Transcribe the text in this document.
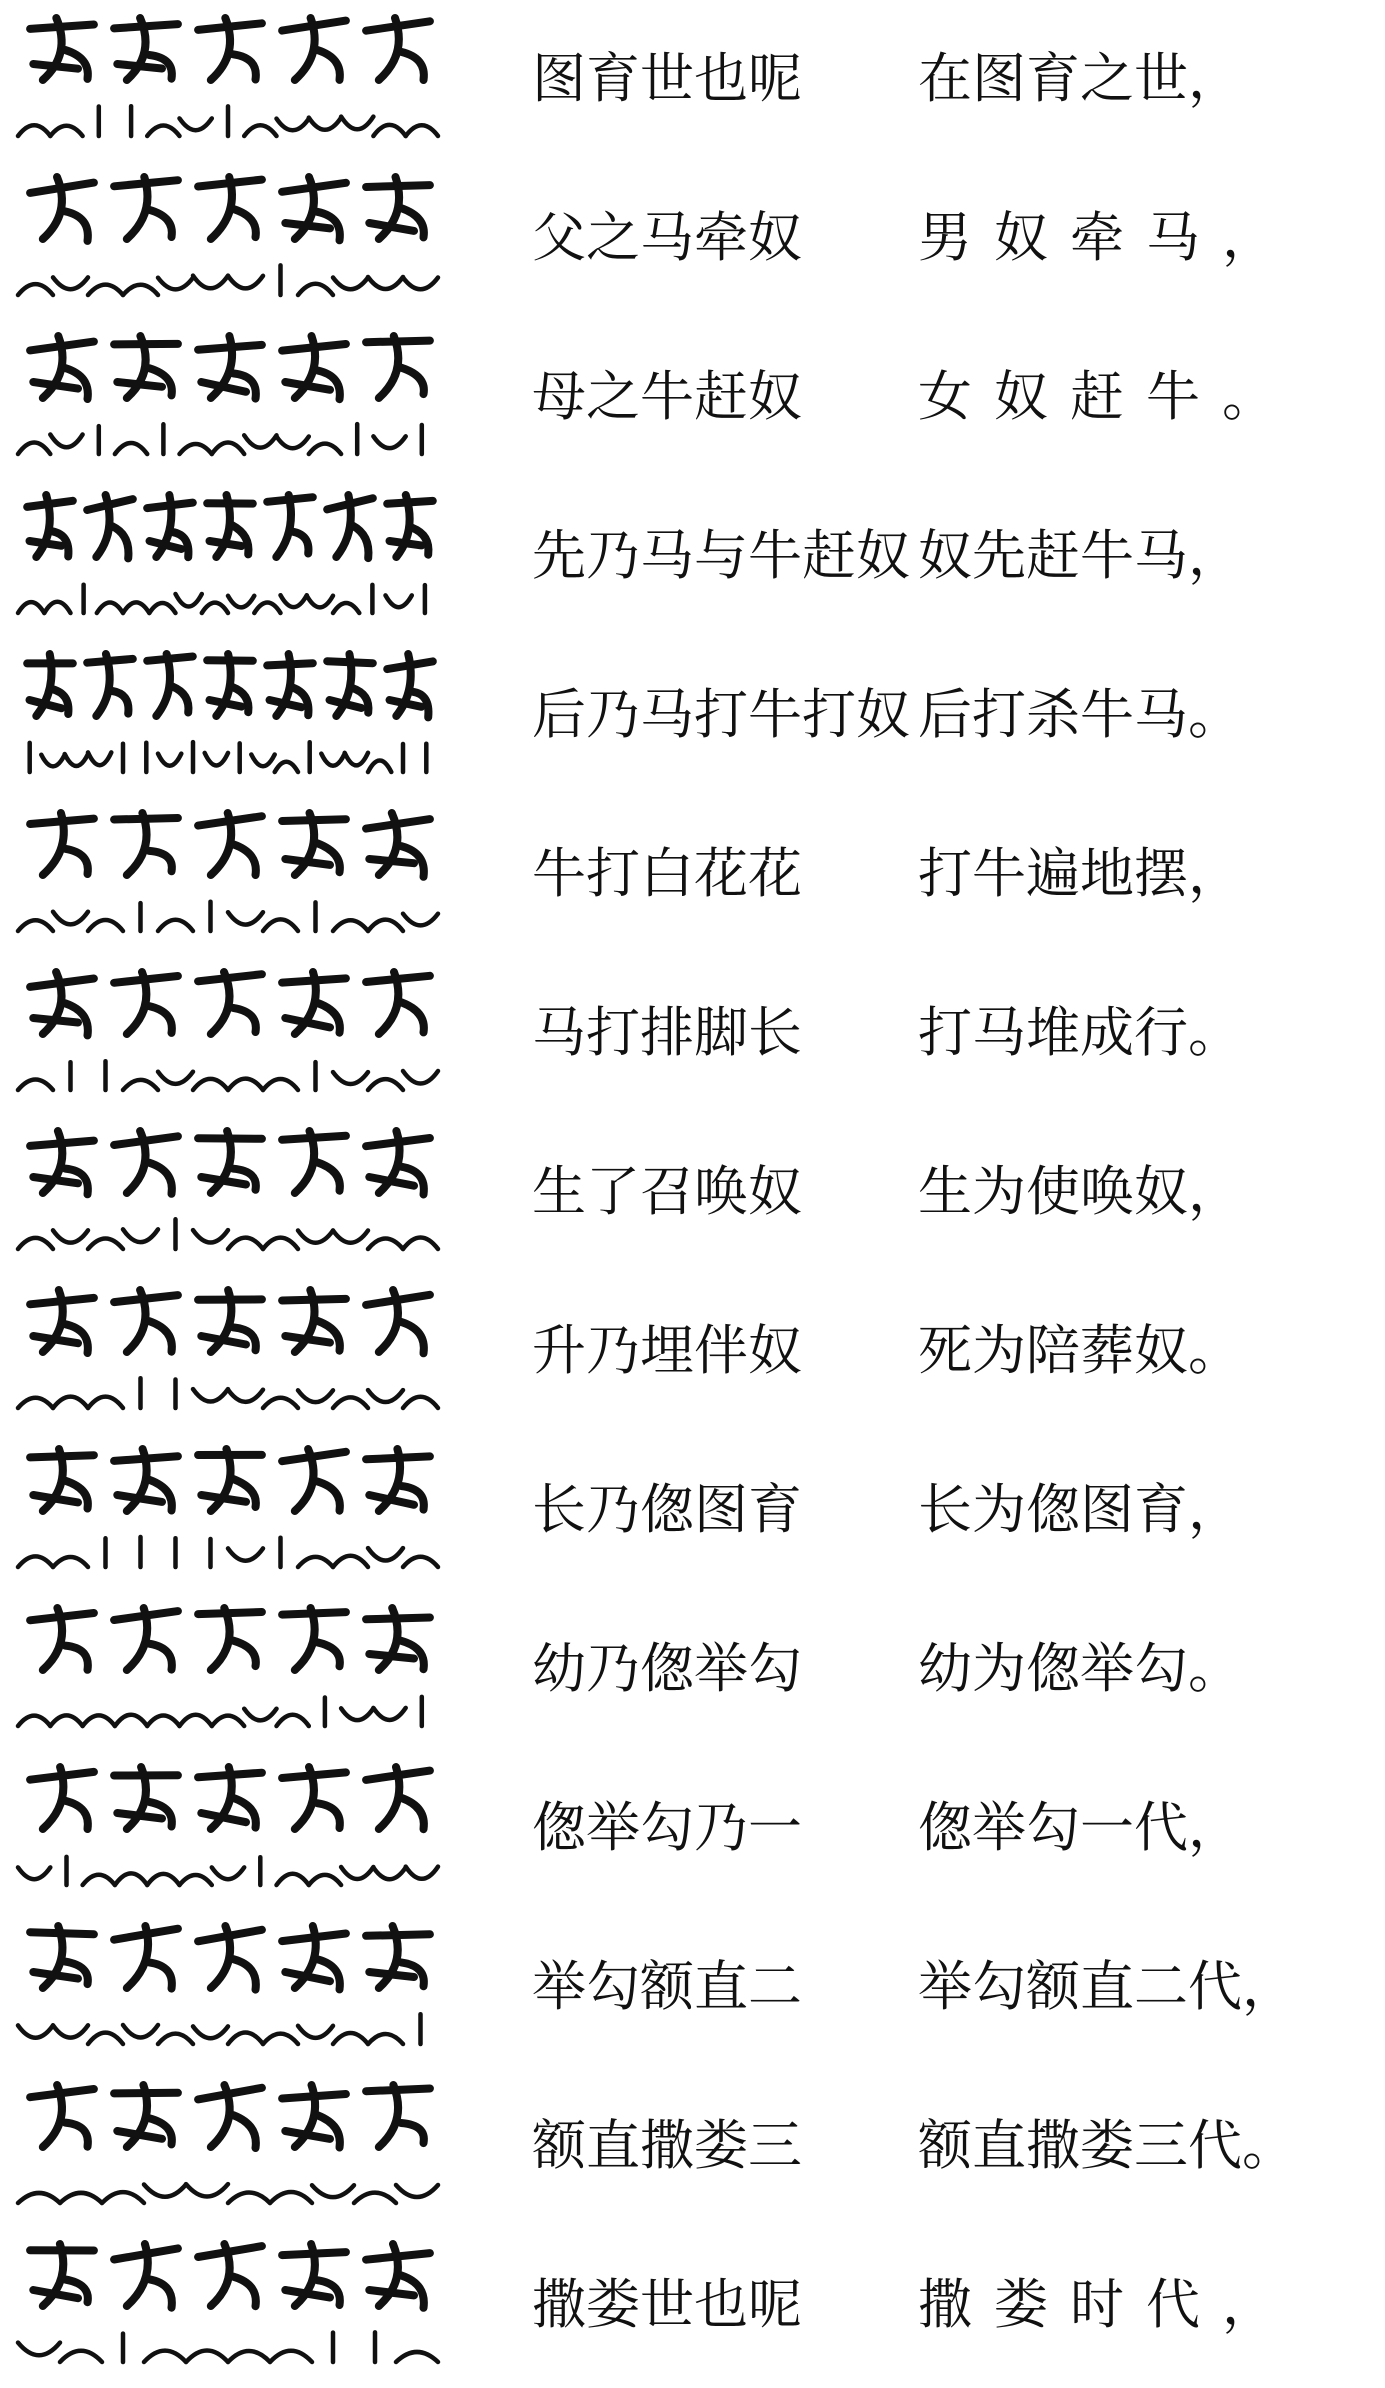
图育世也呢 在图育之世，
父之马牵奴 男奴牵马，
母之牛赶奴 女奴赶牛。
先乃马与牛赶奴 奴先赶牛马，
后乃马打牛打奴 后打杀牛马。
牛打白花花 打牛遍地摆，
马打排脚长 打马堆成行。
生了召唤奴 生为使唤奴，
升乃埋伴奴 死为陪葬奴。
长乃偬图育 长为偬图育，
幼乃偬举勾 幼为偬举勾。
偬举勾乃一 偬举勾一代，
举勾额直二 举勾额直二代，
额直撒娄三 额直撒娄三代。
撒娄世也呢 撒娄时代，
